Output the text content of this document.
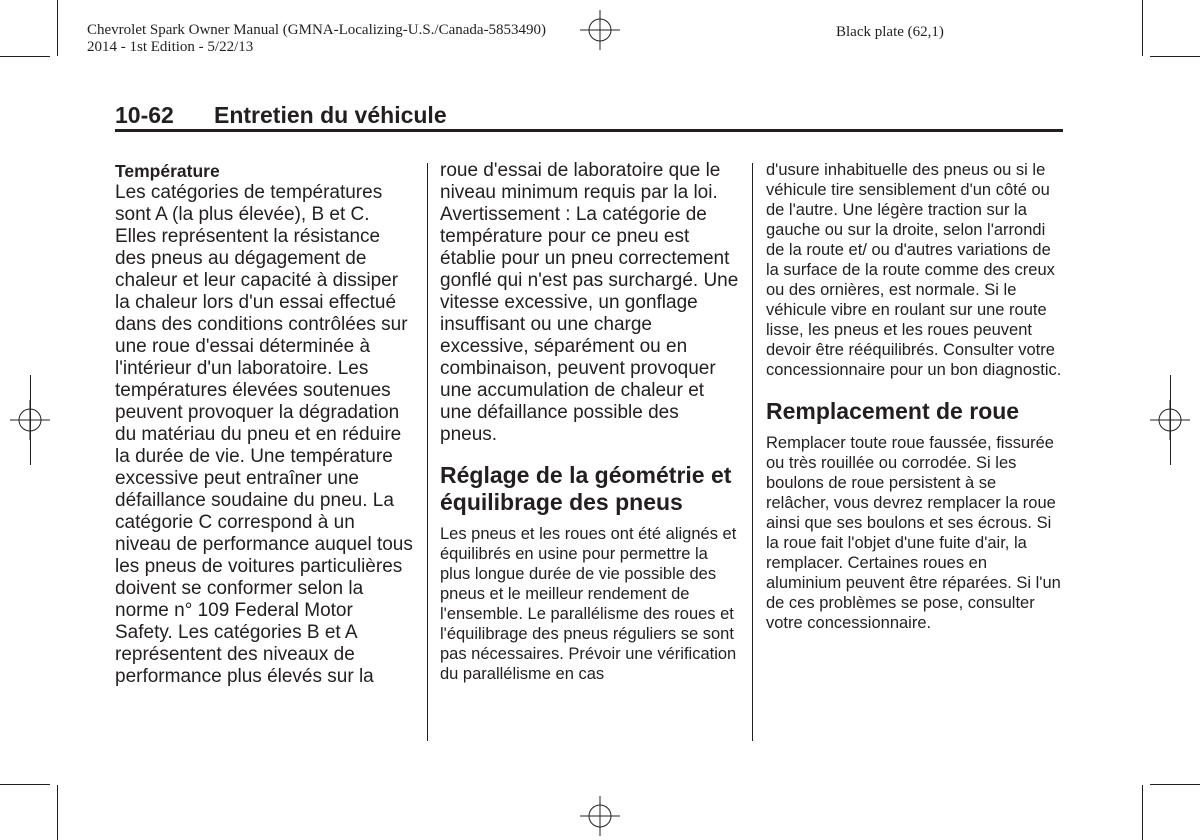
Chevrolet Spark Owner Manual (GMNA-Localizing-U.S./Canada-5853490)
2014 - 1st Edition - 5/22/13
Black plate (62,1)
10-62 Entretien du véhicule

Température

Les catégories de températures sont A (la plus élevée), B et C. Elles représentent la résistance des pneus au dégagement de chaleur et leur capacité à dissiper la chaleur lors d'un essai effectué dans des conditions contrôlées sur une roue d'essai déterminée à l'intérieur d'un laboratoire. Les températures élevées soutenues peuvent provoquer la dégradation du matériau du pneu et en réduire la durée de vie. Une température excessive peut entraîner une défaillance soudaine du pneu. La catégorie C correspond à un niveau de performance auquel tous les pneus de voitures particulières doivent se conformer selon la norme n° 109 Federal Motor Safety. Les catégories B et A représentent des niveaux de performance plus élevés sur la

roue d'essai de laboratoire que le niveau minimum requis par la loi. Avertissement : La catégorie de température pour ce pneu est établie pour un pneu correctement gonflé qui n'est pas surchargé. Une vitesse excessive, un gonflage insuffisant ou une charge excessive, séparément ou en combinaison, peuvent provoquer une accumulation de chaleur et une défaillance possible des pneus.

Réglage de la géométrie et équilibrage des pneus

Les pneus et les roues ont été alignés et équilibrés en usine pour permettre la plus longue durée de vie possible des pneus et le meilleur rendement de l'ensemble. Le parallélisme des roues et l'équilibrage des pneus réguliers se sont pas nécessaires. Prévoir une vérification du parallélisme en cas

d'usure inhabituelle des pneus ou si le véhicule tire sensiblement d'un côté ou de l'autre. Une légère traction sur la gauche ou sur la droite, selon l'arrondi de la route et/ ou d'autres variations de la surface de la route comme des creux ou des ornières, est normale. Si le véhicule vibre en roulant sur une route lisse, les pneus et les roues peuvent devoir être rééquilibrés. Consulter votre concessionnaire pour un bon diagnostic.

Remplacement de roue

Remplacer toute roue faussée, fissurée ou très rouillée ou corrodée. Si les boulons de roue persistent à se relâcher, vous devrez remplacer la roue ainsi que ses boulons et ses écrous. Si la roue fait l'objet d'une fuite d'air, la remplacer. Certaines roues en aluminium peuvent être réparées. Si l'un de ces problèmes se pose, consulter votre concessionnaire.
